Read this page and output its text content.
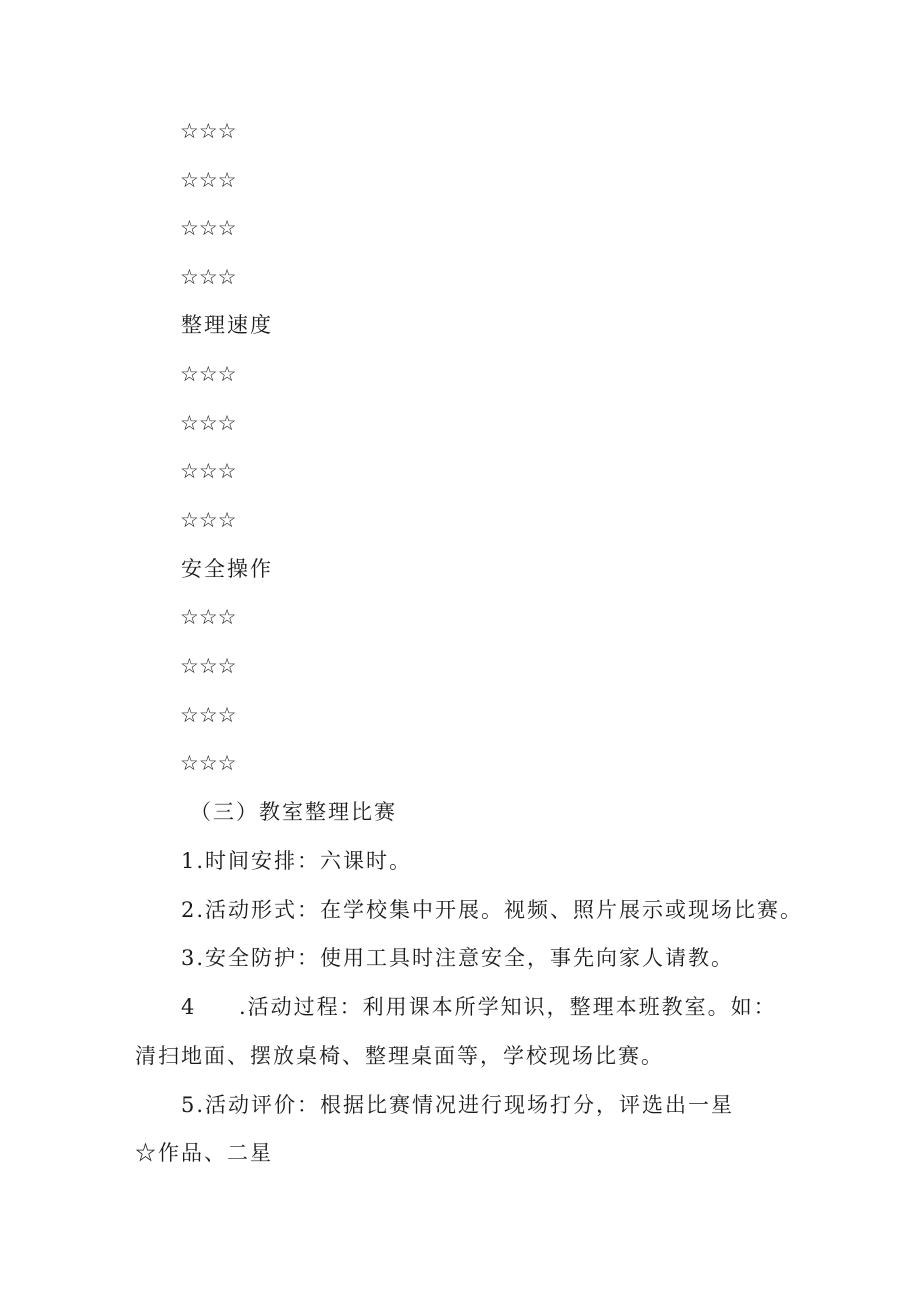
☆☆☆
☆☆☆
☆☆☆
☆☆☆
整理速度
☆☆☆
☆☆☆
☆☆☆
☆☆☆
安全操作
☆☆☆
☆☆☆
☆☆☆
☆☆☆
（三）教室整理比赛
1.时间安排：六课时。
2.活动形式：在学校集中开展。视频、照片展示或现场比赛。
3.安全防护：使用工具时注意安全，事先向家人请教。
4 .活动过程：利用课本所学知识，整理本班教室。如：
清扫地面、摆放桌椅、整理桌面等，学校现场比赛。
5.活动评价：根据比赛情况进行现场打分，评选出一星
☆作品、二星
